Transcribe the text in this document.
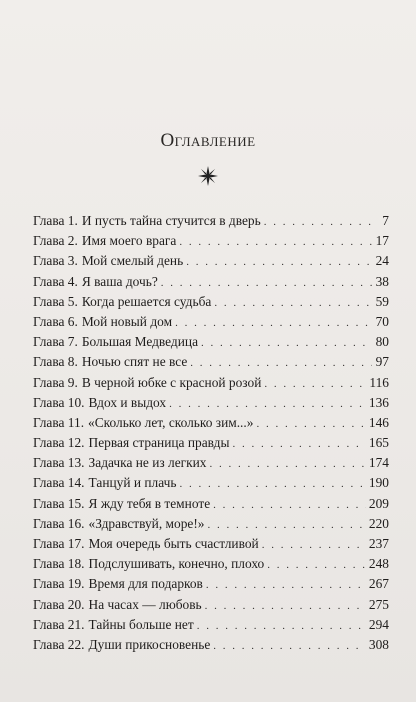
Оглавление
Глава 1. И пусть тайна стучится в дверь . . .	7
Глава 2. Имя моего врага . . .	17
Глава 3. Мой смелый день . . .	24
Глава 4. Я ваша дочь? . . .	38
Глава 5. Когда решается судьба . . .	59
Глава 6. Мой новый дом . . .	70
Глава 7. Большая Медведица . . .	80
Глава 8. Ночью спят не все . . .	97
Глава 9. В черной юбке с красной розой . . .	116
Глава 10. Вдох и выдох . . .	136
Глава 11. «Сколько лет, сколько зим...» . . .	146
Глава 12. Первая страница правды . . .	165
Глава 13. Задачка не из легких . . .	174
Глава 14. Танцуй и плачь . . .	190
Глава 15. Я жду тебя в темноте . . .	209
Глава 16. «Здравствуй, море!» . . .	220
Глава 17. Моя очередь быть счастливой . . .	237
Глава 18. Подслушивать, конечно, плохо . . .	248
Глава 19. Время для подарков . . .	267
Глава 20. На часах — любовь . . .	275
Глава 21. Тайны больше нет . . .	294
Глава 22. Души прикосновенье . . .	308
